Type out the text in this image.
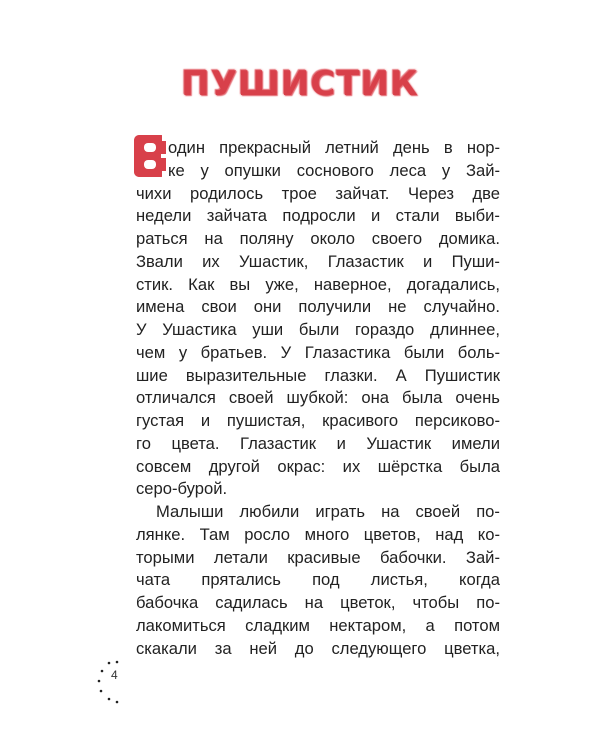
ПУШИСТИК
один прекрасный летний день в нор-
ке у опушки соснового леса у Зай-
чихи родилось трое зайчат. Через две
недели зайчата подросли и стали выби-
раться на поляну около своего домика.
Звали их Ушастик, Глазастик и Пуши-
стик. Как вы уже, наверное, догадались,
имена свои они получили не случайно.
У Ушастика уши были гораздо длиннее,
чем у братьев. У Глазастика были боль-
шие выразительные глазки. А Пушистик
отличался своей шубкой: она была очень
густая и пушистая, красивого персиково-
го цвета. Глазастик и Ушастик имели
совсем другой окрас: их шёрстка была
серо-бурой.
Малыши любили играть на своей по-
лянке. Там росло много цветов, над ко-
торыми летали красивые бабочки. Зай-
чата прятались под листья, когда
бабочка садилась на цветок, чтобы по-
лакомиться сладким нектаром, а потом
скакали за ней до следующего цветка,
4
